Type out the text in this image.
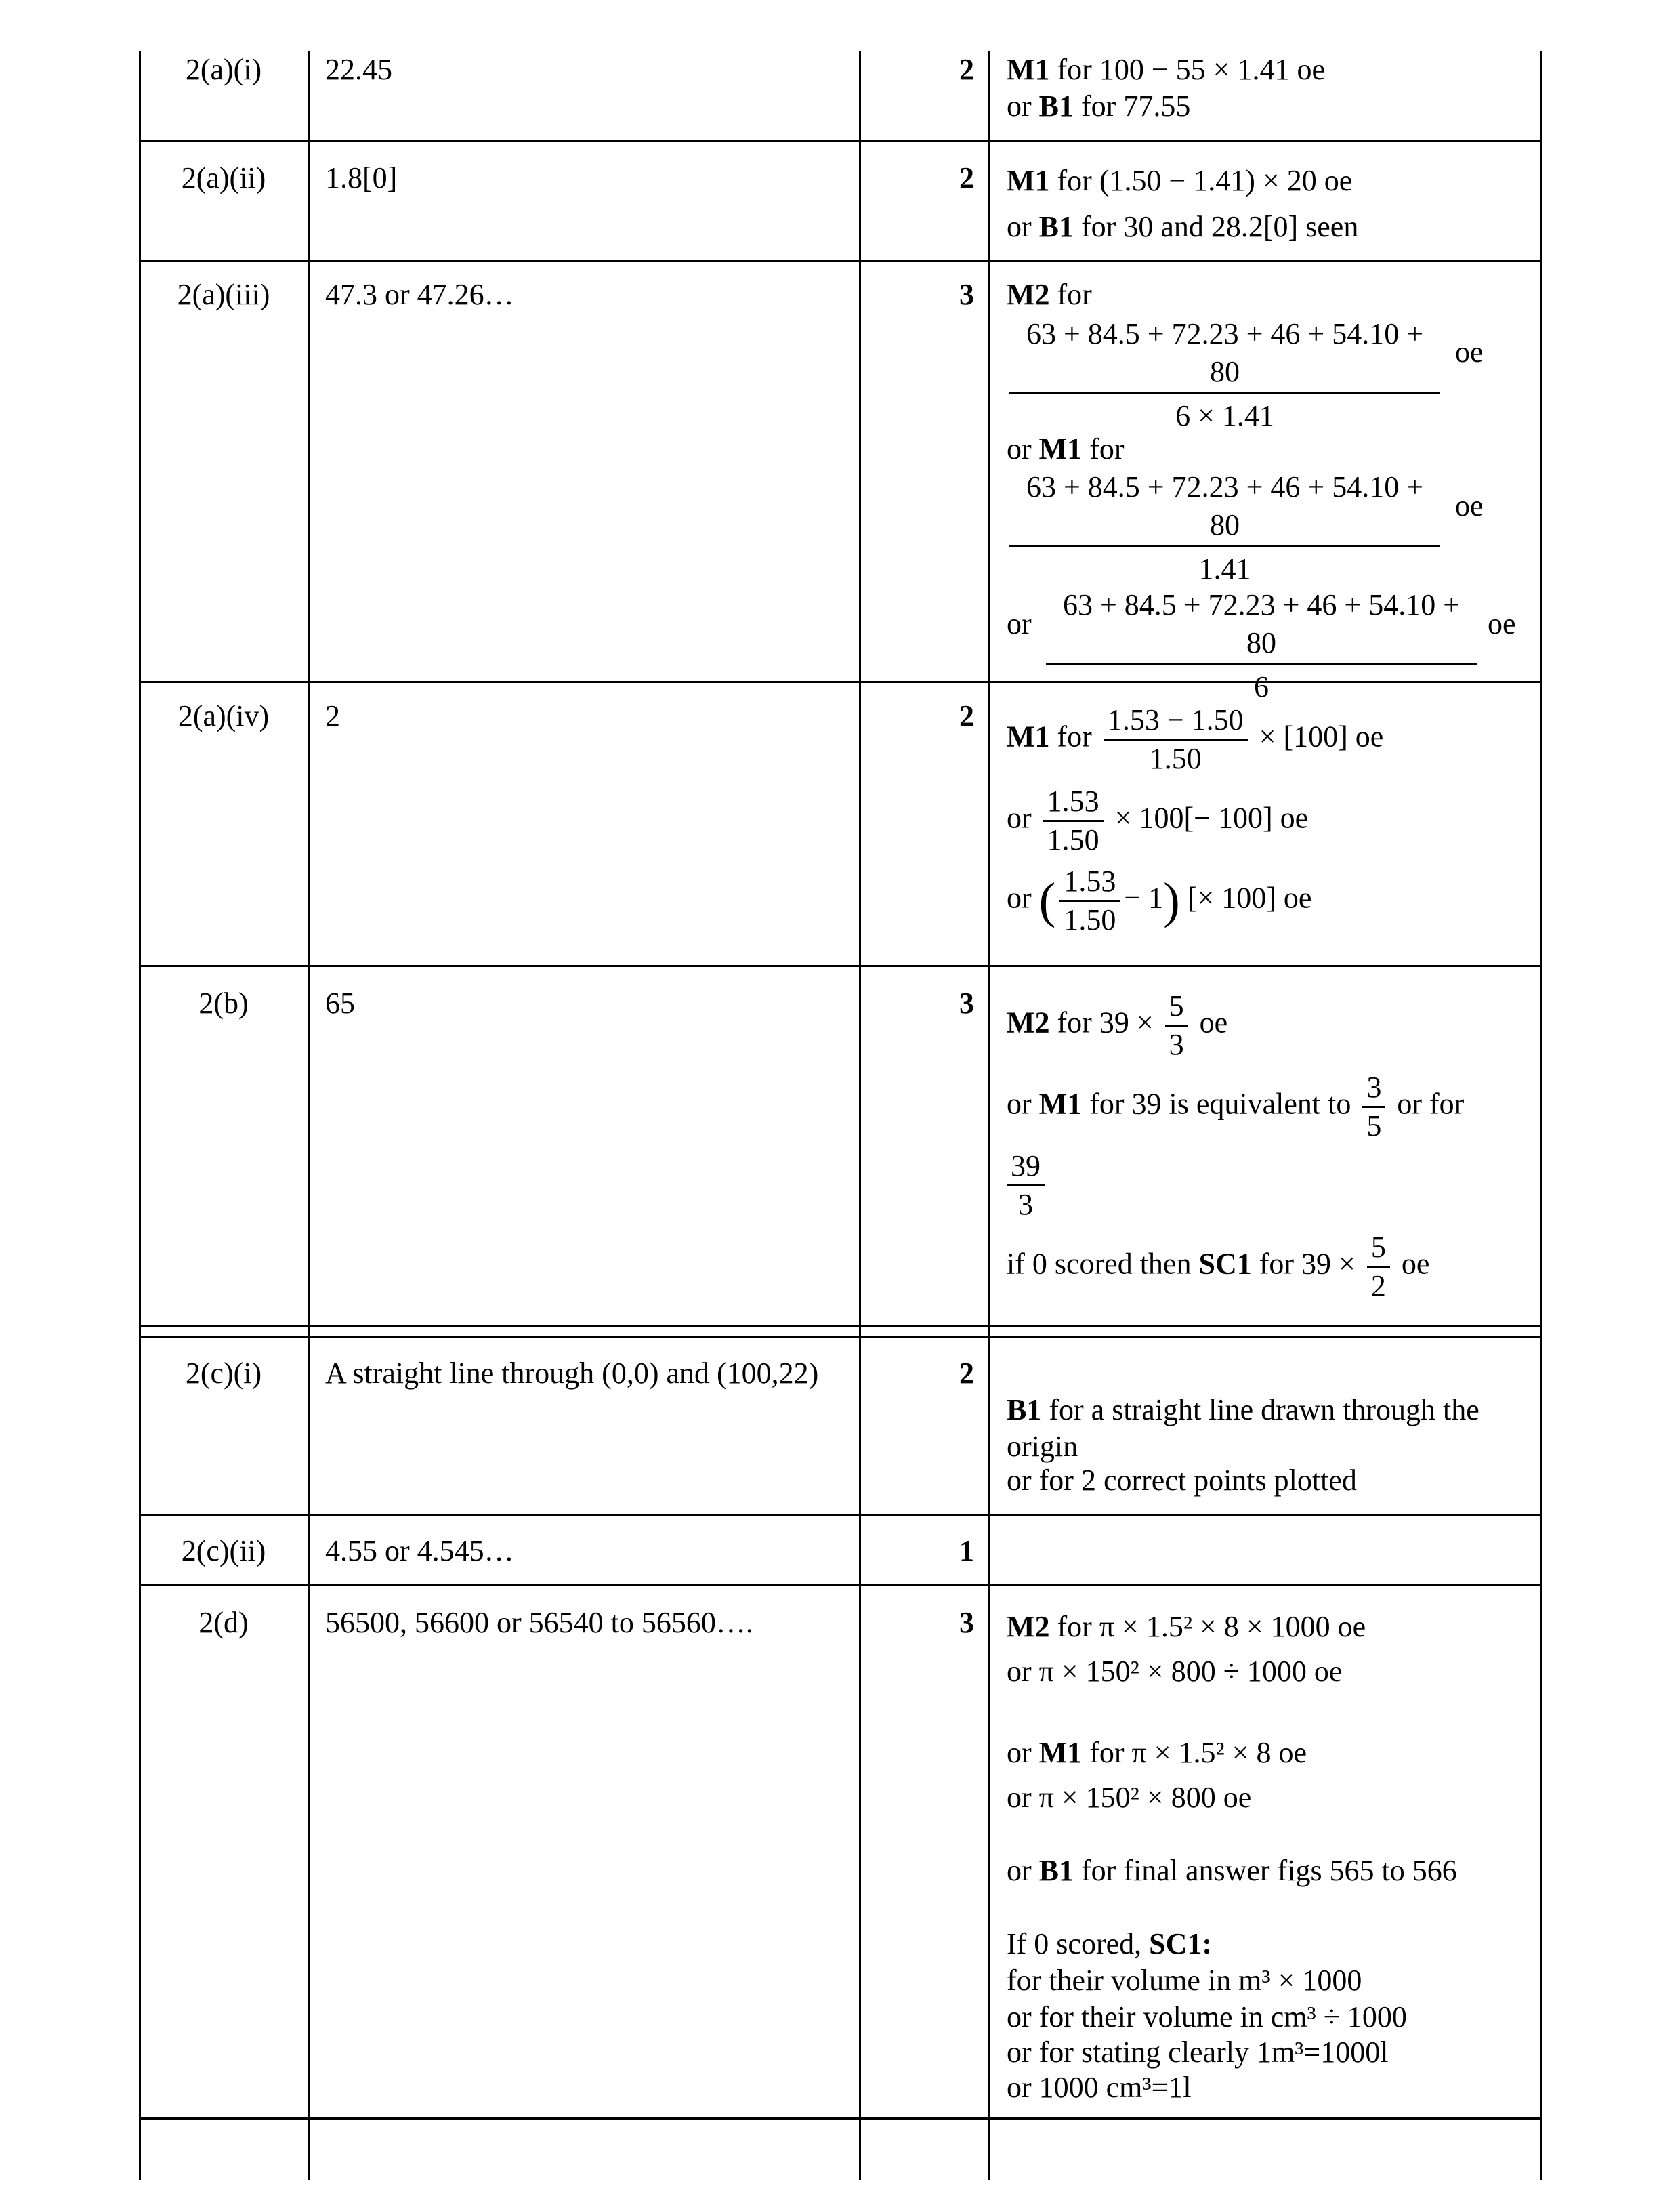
2(a)(i)	22.45	2 M1 for 100 − 55 × 1.41 oe
or B1 for 77.55
2(a)(ii)	1.8[0]	2 M1 for (1.50 − 1.41) × 20 oe
or B1 for 30 and 28.2[0] seen
2(a)(iii)	47.3 or 47.26…	3 M2 for
$\frac{63 + 84.5 + 72.23 + 46 + 54.10 + 80}{6 \times 1.41}$ oe
or M1 for
$\frac{63 + 84.5 + 72.23 + 46 + 54.10 + 80}{1.41}$ oe
or $\frac{63 + 84.5 + 72.23 + 46 + 54.10 + 80}{6}$ oe
2(a)(iv)	2	2
M1 for $\frac{1.53 - 1.50}{1.50} \times [100]$ oe
or $\frac{1.53}{1.50} \times 100[- 100]$ oe
or ( $\frac{1.53}{1.50} - 1$) [× 100] oe
2(b)	65	3
M2 for $39 \times \frac{5}{3}$ oe
or M1 for 39 is equivalent to $\frac{3}{5}$ or for
$\frac{39}{3}$
if 0 scored then SC1 for $39 \times \frac{5}{2}$ oe
2(c)(i)	A straight line through (0,0) and (100,22)	2
B1 for a straight line drawn through the
origin
or for 2 correct points plotted
2(c)(ii)	4.55 or 4.545…	1
2(d)	56500, 56600 or 56540 to 56560….	3 M2 for π × 1.5² × 8 × 1000 oe
or π × 150² × 800 ÷ 1000 oe
or M1 for π × 1.5² × 8 oe
or π × 150² × 800 oe
or B1 for final answer figs 565 to 566
If 0 scored, SC1:
for their volume in m³ × 1000
or for their volume in cm³ ÷ 1000
or for stating clearly 1m³=1000l
or 1000 cm³=1l
